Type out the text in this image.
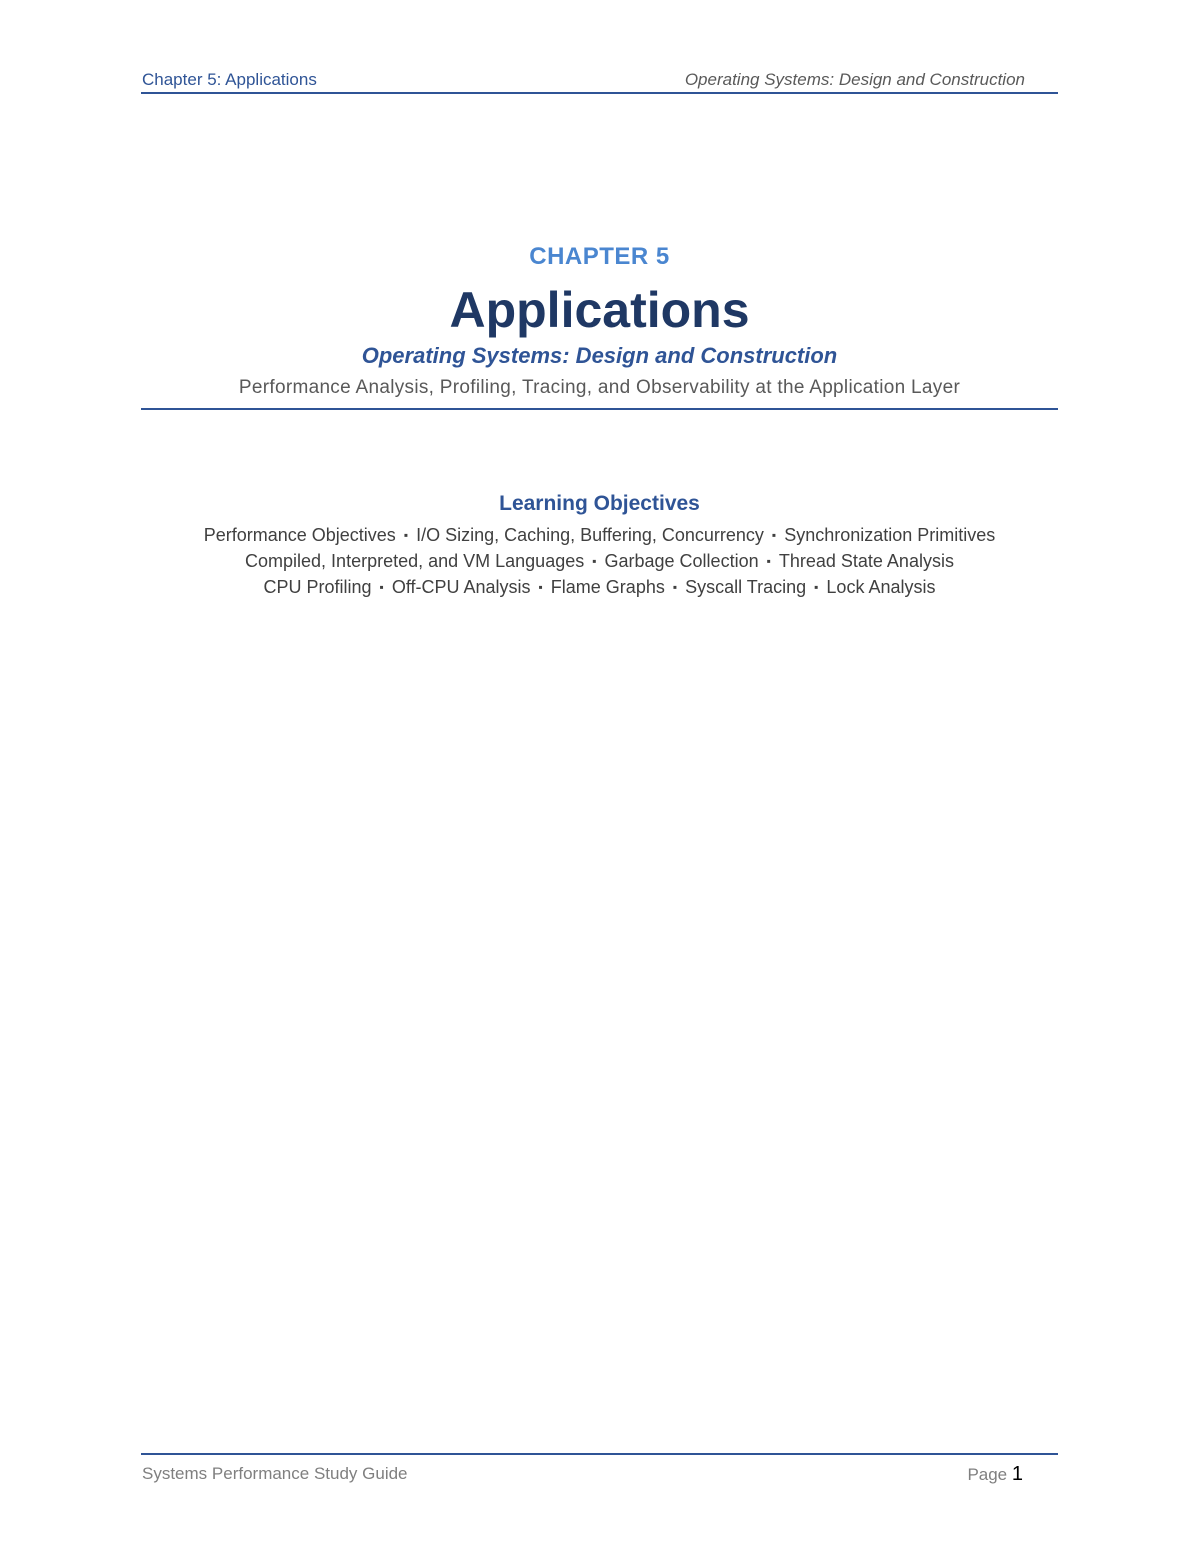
Chapter 5: Applications	Operating Systems: Design and Construction
CHAPTER 5
Applications
Operating Systems: Design and Construction
Performance Analysis, Profiling, Tracing, and Observability at the Application Layer
Learning Objectives
Performance Objectives ▪ I/O Sizing, Caching, Buffering, Concurrency ▪ Synchronization Primitives
Compiled, Interpreted, and VM Languages ▪ Garbage Collection ▪ Thread State Analysis
CPU Profiling ▪ Off-CPU Analysis ▪ Flame Graphs ▪ Syscall Tracing ▪ Lock Analysis
Systems Performance Study Guide	Page 1
